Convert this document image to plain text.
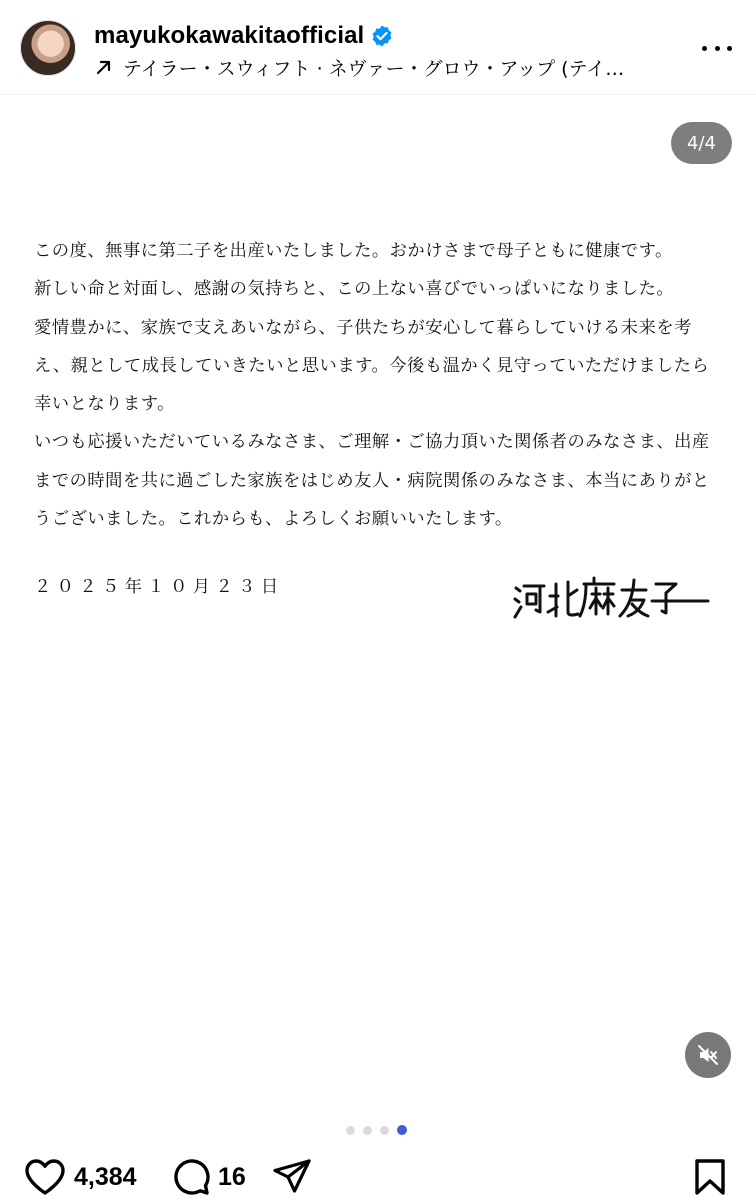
mayukokawakitaofficial
テイラー・スウィフト · ネヴァー・グロウ・アップ (テイ…
4/4

この度、無事に第二子を出産いたしました。おかけさまで母子ともに健康です。

新しい命と対面し、感謝の気持ちと、この上ない喜びでいっぱいになりました。

愛情豊かに、家族で支えあいながら、子供たちが安心して暮らしていける未来を考

え、親として成長していきたいと思います。今後も温かく見守っていただけましたら

幸いとなります。

いつも応援いただいているみなさま、ご理解・ご協力頂いた関係者のみなさま、出産

までの時間を共に過ごした家族をはじめ友人・病院関係のみなさま、本当にありがと

うございました。これからも、よろしくお願いいたします。

２０２５年１０月２３日
4,384	16
